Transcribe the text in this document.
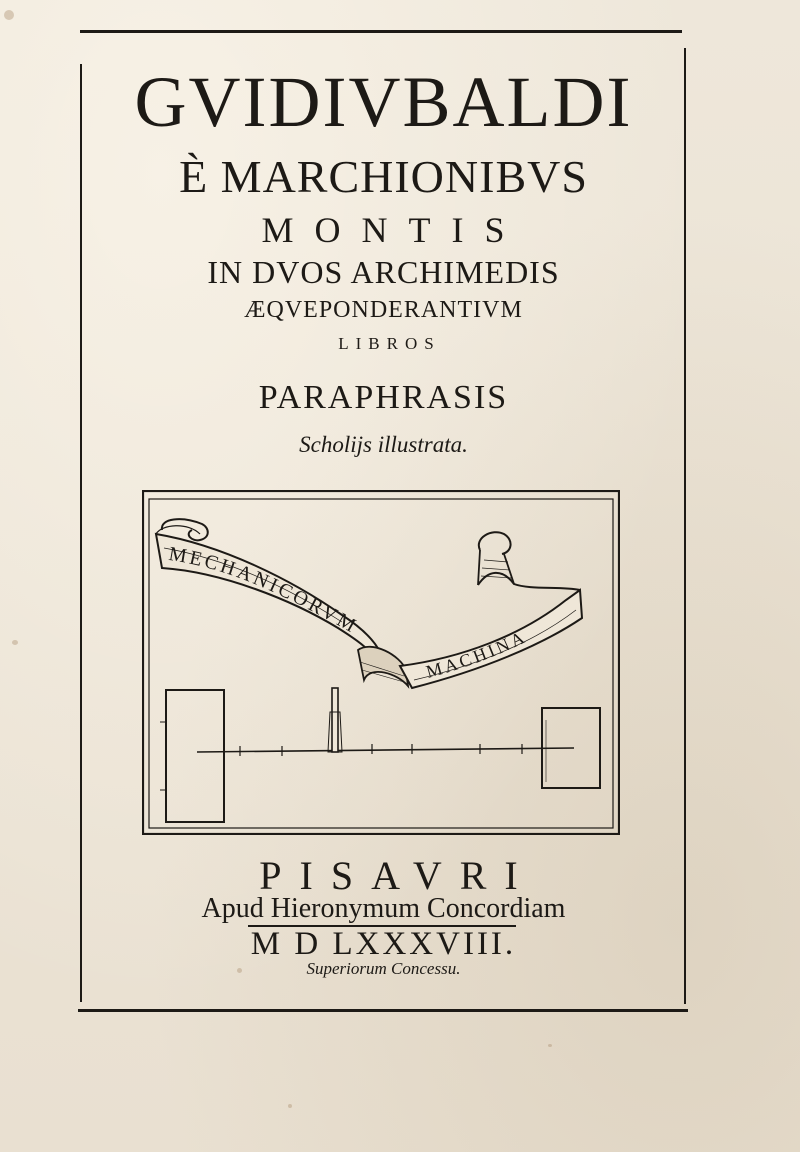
GVIDIVBALDI
È MARCHIONIBVS
MONTIS
IN DVOS ARCHIMEDIS
ÆQVEPONDERANTIVM
LIBROS
PARAPHRASIS
Scholijs illustrata.
MECHANICORVM
MACHINA
PISAVRI
Apud Hieronymum Concordiam
M D LXXXVIII.
Superiorum Concessu.
